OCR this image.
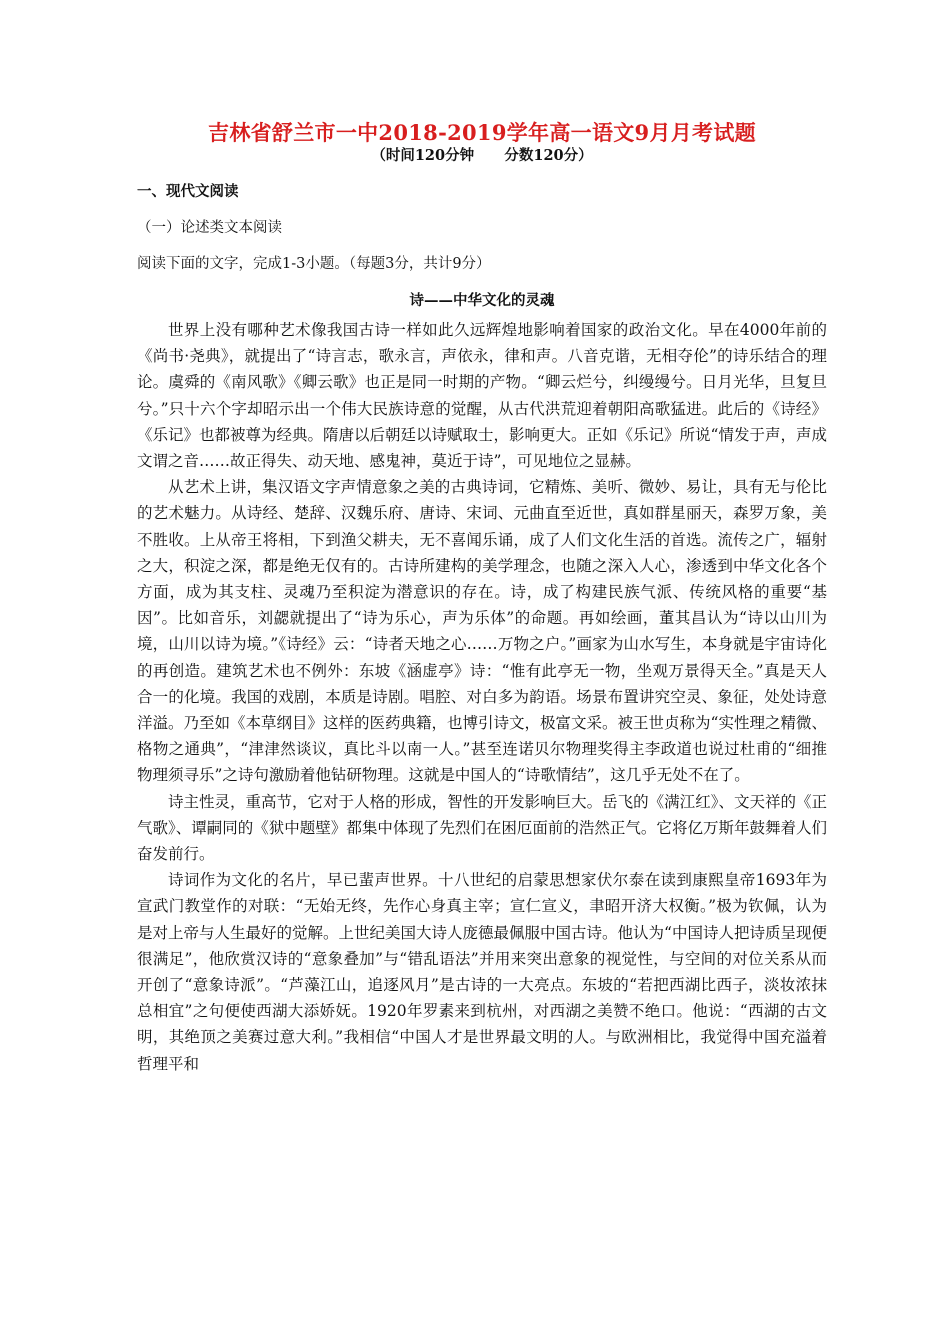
吉林省舒兰市一中2018-2019学年高一语文9月月考试题
（时间120分钟      分数120分）
一、现代文阅读
（一）论述类文本阅读
阅读下面的文字，完成1-3小题。（每题3分，共计9分）
诗——中华文化的灵魂

世界上没有哪种艺术像我国古诗一样如此久远辉煌地影响着国家的政治文化。早在4000年前的《尚书·尧典》，就提出了“诗言志，歌永言，声依永，律和声。八音克谐，无相夺伦”的诗乐结合的理论。虞舜的《南风歌》《卿云歌》也正是同一时期的产物。“卿云烂兮，纠缦缦兮。日月光华，旦复旦兮。”只十六个字却昭示出一个伟大民族诗意的觉醒，从古代洪荒迎着朝阳高歌猛进。此后的《诗经》《乐记》也都被尊为经典。隋唐以后朝廷以诗赋取士，影响更大。正如《乐记》所说“情发于声，声成文谓之音……故正得失、动天地、感鬼神，莫近于诗”，可见地位之显赫。

从艺术上讲，集汉语文字声情意象之美的古典诗词，它精炼、美听、微妙、易让，具有无与伦比的艺术魅力。从诗经、楚辞、汉魏乐府、唐诗、宋词、元曲直至近世，真如群星丽天，森罗万象，美不胜收。上从帝王将相，下到渔父耕夫，无不喜闻乐诵，成了人们文化生活的首选。流传之广，辐射之大，积淀之深，都是绝无仅有的。古诗所建构的美学理念，也随之深入人心，渗透到中华文化各个方面，成为其支柱、灵魂乃至积淀为潜意识的存在。诗，成了构建民族气派、传统风格的重要“基因”。比如音乐，刘勰就提出了“诗为乐心，声为乐体”的命题。再如绘画，董其昌认为“诗以山川为境，山川以诗为境。”《诗经》云：“诗者天地之心……万物之户。”画家为山水写生，本身就是宇宙诗化的再创造。建筑艺术也不例外：东坡《涵虚亭》诗：“惟有此亭无一物，坐观万景得天全。”真是天人合一的化境。我国的戏剧，本质是诗剧。唱腔、对白多为韵语。场景布置讲究空灵、象征，处处诗意洋溢。乃至如《本草纲目》这样的医药典籍，也博引诗文，极富文采。被王世贞称为“实性理之精微、格物之通典”，“津津然谈议，真比斗以南一人。”甚至连诺贝尔物理奖得主李政道也说过杜甫的“细推物理须寻乐”之诗句激励着他钻研物理。这就是中国人的“诗歌情结”，这几乎无处不在了。

诗主性灵，重高节，它对于人格的形成，智性的开发影响巨大。岳飞的《满江红》、文天祥的《正气歌》、谭嗣同的《狱中题壁》都集中体现了先烈们在困厄面前的浩然正气。它将亿万斯年鼓舞着人们奋发前行。

诗词作为文化的名片，早已蜚声世界。十八世纪的启蒙思想家伏尔泰在读到康熙皇帝1693年为宣武门教堂作的对联：“无始无终，先作心身真主宰；宣仁宣义，聿昭开济大权衡。”极为钦佩，认为是对上帝与人生最好的觉解。上世纪美国大诗人庞德最佩服中国古诗。他认为“中国诗人把诗质呈现便很满足”，他欣赏汉诗的“意象叠加”与“错乱语法”并用来突出意象的视觉性，与空间的对位关系从而开创了“意象诗派”。“芦藻江山，追逐风月”是古诗的一大亮点。东坡的“若把西湖比西子，淡妆浓抹总相宜”之句便使西湖大添娇妩。1920年罗素来到杭州，对西湖之美赞不绝口。他说：“西湖的古文明，其绝顶之美赛过意大利。”我相信“中国人才是世界最文明的人。与欧洲相比，我觉得中国充溢着哲理平和
